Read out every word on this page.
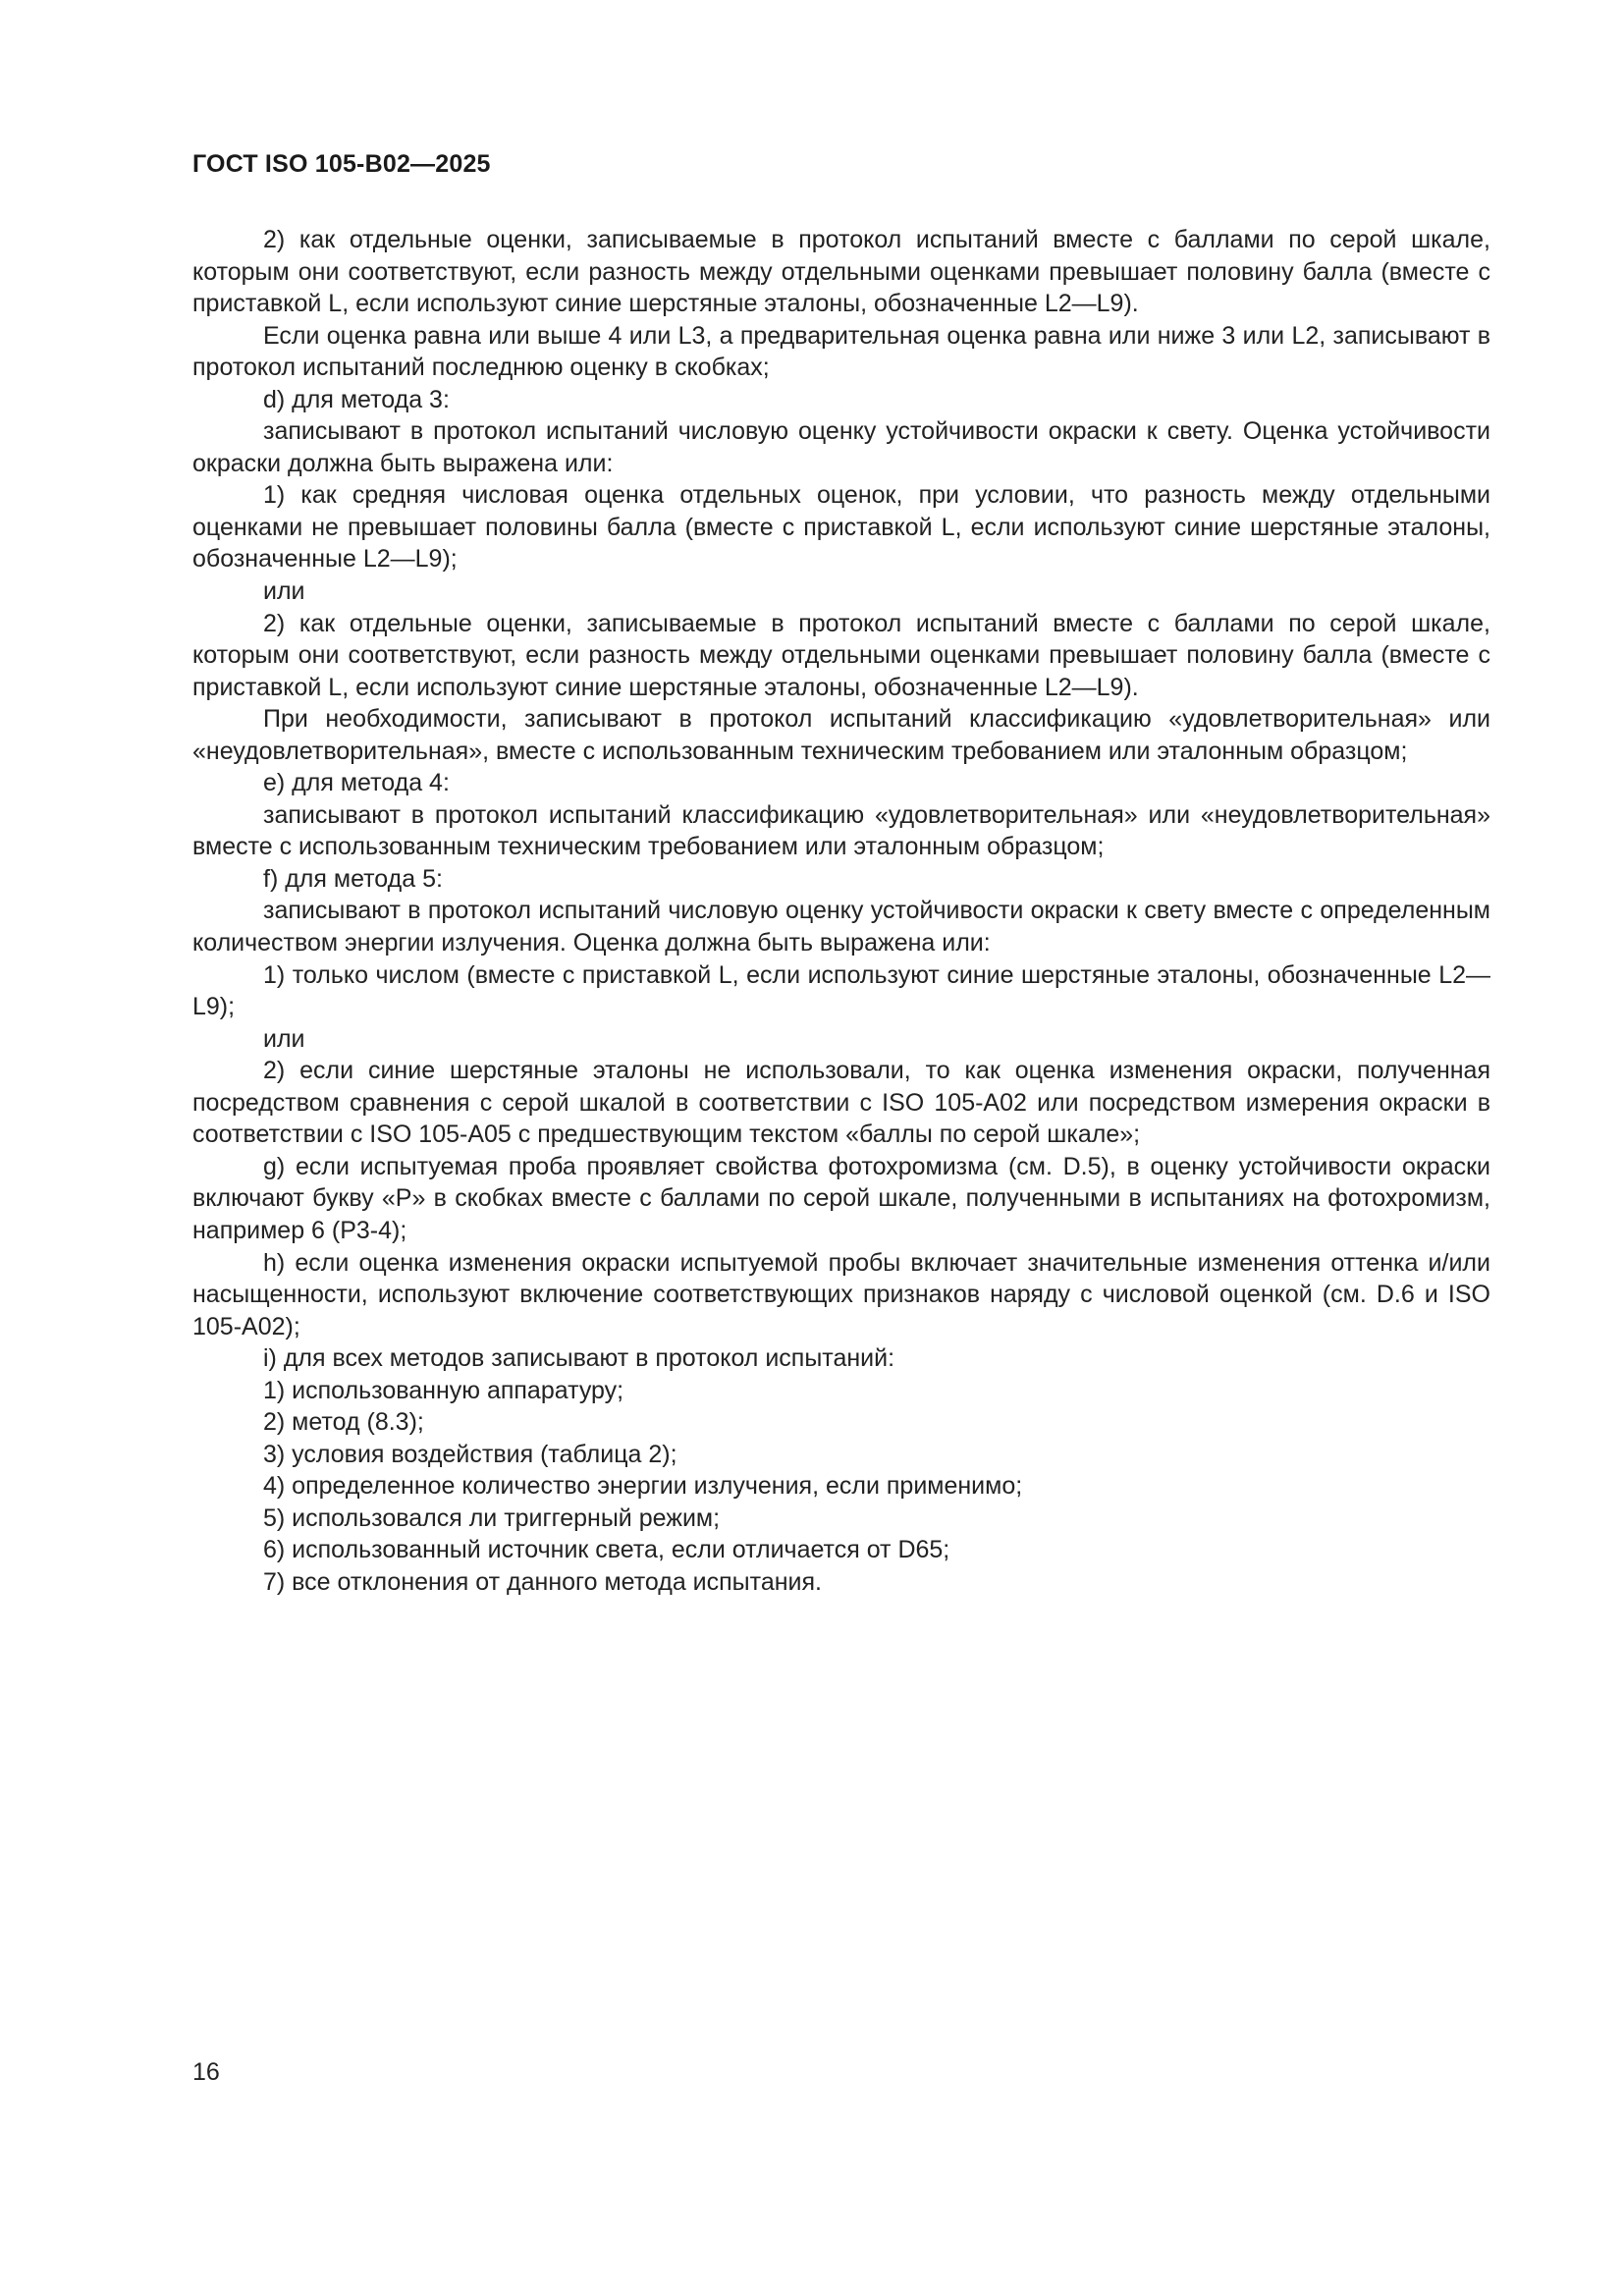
ГОСТ ISO 105-B02—2025

2) как отдельные оценки, записываемые в протокол испытаний вместе с баллами по серой шкале, которым они соответствуют, если разность между отдельными оценками превышает половину балла (вместе с приставкой L, если используют синие шерстяные эталоны, обозначенные L2—L9).

Если оценка равна или выше 4 или L3, а предварительная оценка равна или ниже 3 или L2, записывают в протокол испытаний последнюю оценку в скобках;

d) для метода 3:

записывают в протокол испытаний числовую оценку устойчивости окраски к свету. Оценка устойчивости окраски должна быть выражена или:

1) как средняя числовая оценка отдельных оценок, при условии, что разность между отдельными оценками не превышает половины балла (вместе с приставкой L, если используют синие шерстяные эталоны, обозначенные L2—L9);

или

2) как отдельные оценки, записываемые в протокол испытаний вместе с баллами по серой шкале, которым они соответствуют, если разность между отдельными оценками превышает половину балла (вместе с приставкой L, если используют синие шерстяные эталоны, обозначенные L2—L9).

При необходимости, записывают в протокол испытаний классификацию «удовлетворительная» или «неудовлетворительная», вместе с использованным техническим требованием или эталонным образцом;

e) для метода 4:

записывают в протокол испытаний классификацию «удовлетворительная» или «неудовлетворительная» вместе с использованным техническим требованием или эталонным образцом;

f) для метода 5:

записывают в протокол испытаний числовую оценку устойчивости окраски к свету вместе с определенным количеством энергии излучения. Оценка должна быть выражена или:

1) только числом (вместе с приставкой L, если используют синие шерстяные эталоны, обозначенные L2—L9);

или

2) если синие шерстяные эталоны не использовали, то как оценка изменения окраски, полученная посредством сравнения с серой шкалой в соответствии с ISO 105-A02 или посредством измерения окраски в соответствии с ISO 105-A05 с предшествующим текстом «баллы по серой шкале»;

g) если испытуемая проба проявляет свойства фотохромизма (см. D.5), в оценку устойчивости окраски включают букву «P» в скобках вместе с баллами по серой шкале, полученными в испытаниях на фотохромизм, например 6 (P3-4);

h) если оценка изменения окраски испытуемой пробы включает значительные изменения оттенка и/или насыщенности, используют включение соответствующих признаков наряду с числовой оценкой (см. D.6 и ISO 105-A02);

i) для всех методов записывают в протокол испытаний:

1) использованную аппаратуру;

2) метод (8.3);

3) условия воздействия (таблица 2);

4) определенное количество энергии излучения, если применимо;

5) использовался ли триггерный режим;

6) использованный источник света, если отличается от D65;

7) все отклонения от данного метода испытания.

16
